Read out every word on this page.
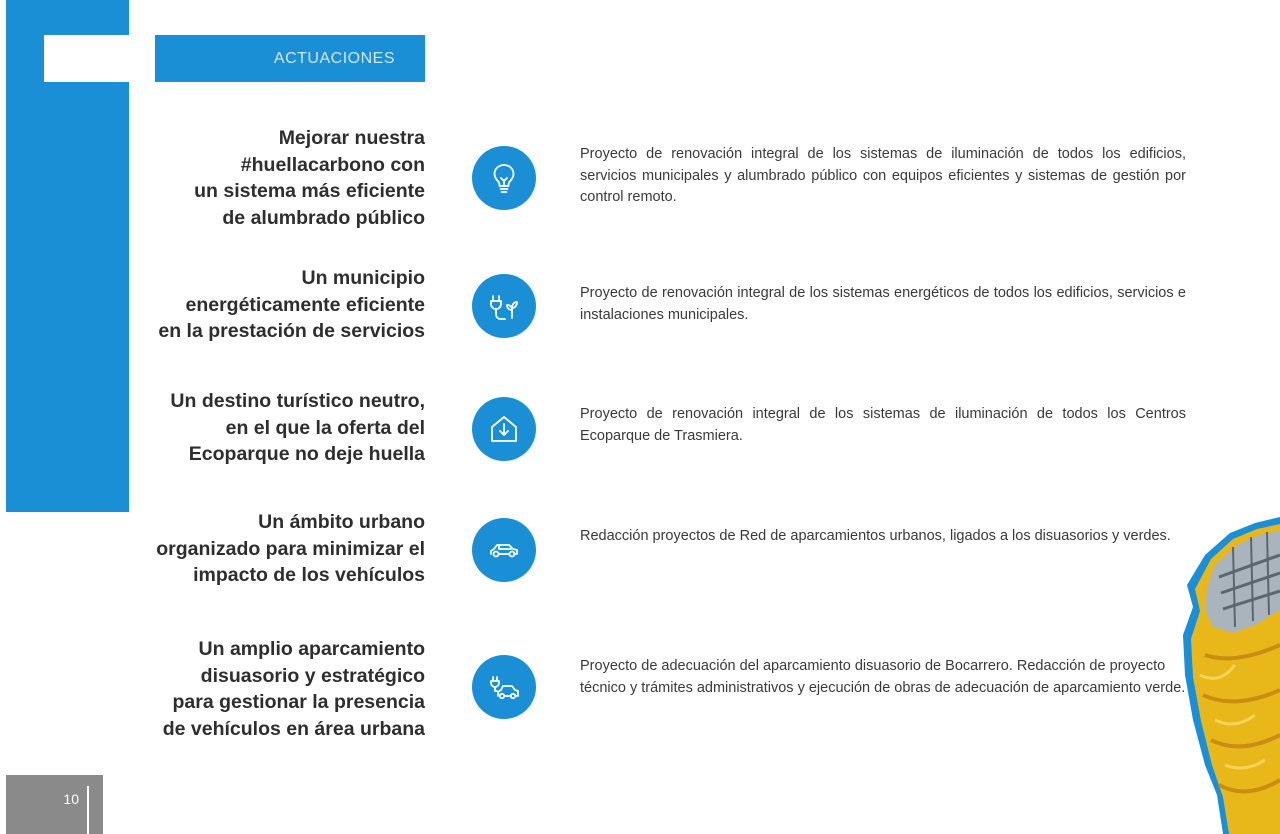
ACTUACIONES
Mejorar nuestra
#huellacarbono con
un sistema más eficiente
de alumbrado público
Proyecto de renovación integral de los sistemas de iluminación de todos los edificios, servicios municipales y alumbrado público con equipos eficientes y sistemas de gestión por control remoto.
Un municipio
energéticamente eficiente
en la prestación de servicios
Proyecto de renovación integral de los sistemas energéticos de todos los edificios, servicios e instalaciones municipales.
Un destino turístico neutro,
en el que la oferta del
Ecoparque no deje huella
Proyecto de renovación integral de los sistemas de iluminación de todos los Centros Ecoparque de Trasmiera.
Un ámbito urbano
organizado para minimizar el
impacto de los vehículos
Redacción proyectos de Red de aparcamientos urbanos, ligados a los disuasorios y verdes.
Un amplio aparcamiento
disuasorio y estratégico
para gestionar la presencia
de vehículos en área urbana
Proyecto de adecuación del aparcamiento disuasorio de Bocarrero. Redacción de proyecto técnico y trámites administrativos y ejecución de obras de adecuación de aparcamiento verde.
10
